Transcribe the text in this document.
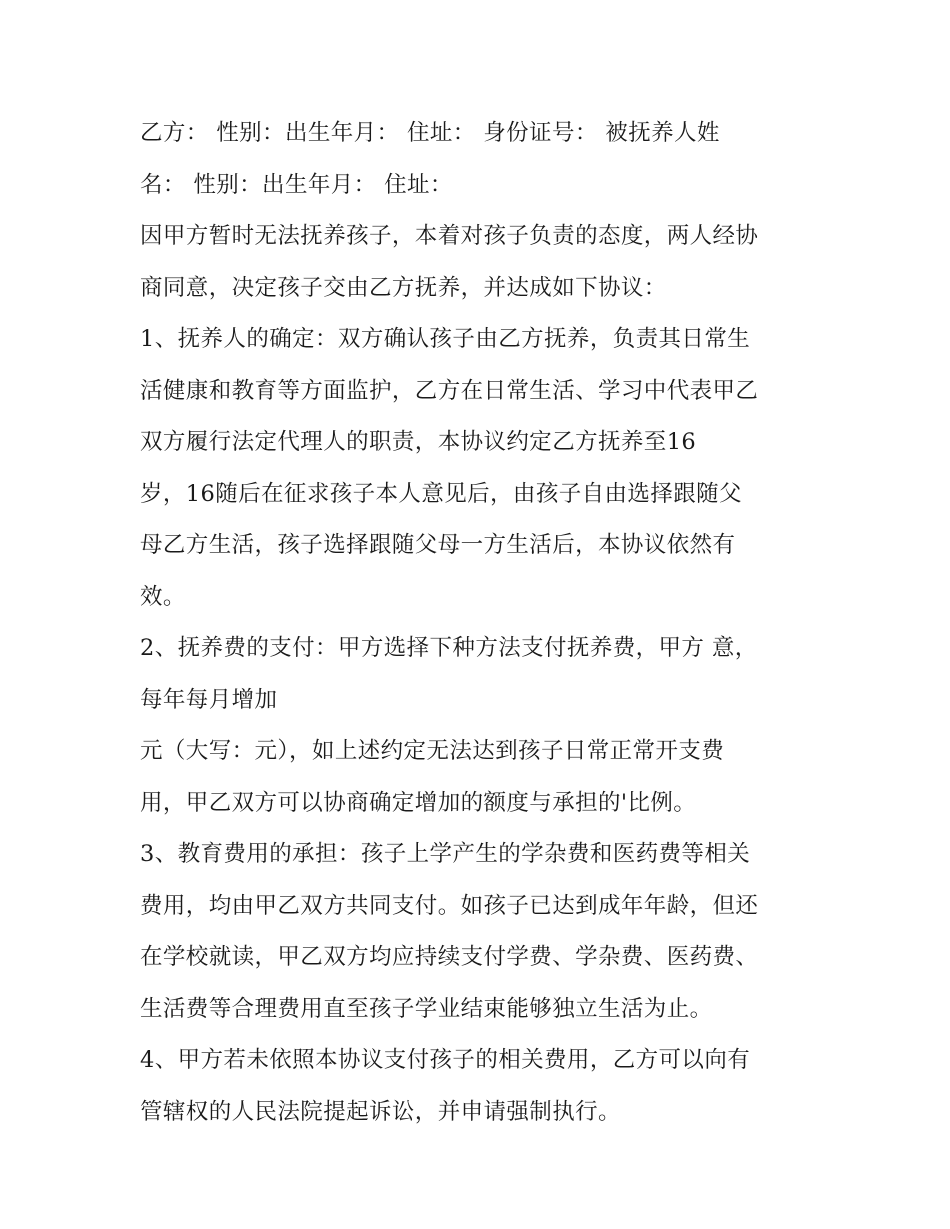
乙方： 性别：出生年月： 住址： 身份证号： 被抚养人姓
名： 性别：出生年月： 住址：
因甲方暂时无法抚养孩子，本着对孩子负责的态度，两人经协
商同意，决定孩子交由乙方抚养，并达成如下协议：
1、抚养人的确定：双方确认孩子由乙方抚养，负责其日常生
活健康和教育等方面监护，乙方在日常生活、学习中代表甲乙
双方履行法定代理人的职责，本协议约定乙方抚养至16
岁，16随后在征求孩子本人意见后，由孩子自由选择跟随父
母乙方生活，孩子选择跟随父母一方生活后，本协议依然有
效。
2、抚养费的支付：甲方选择下种方法支付抚养费，甲方 意，
每年每月增加
元（大写：元），如上述约定无法达到孩子日常正常开支费
用，甲乙双方可以协商确定增加的额度与承担的'比例。
3、教育费用的承担：孩子上学产生的学杂费和医药费等相关
费用，均由甲乙双方共同支付。如孩子已达到成年年龄，但还
在学校就读，甲乙双方均应持续支付学费、学杂费、医药费、
生活费等合理费用直至孩子学业结束能够独立生活为止。
4、甲方若未依照本协议支付孩子的相关费用，乙方可以向有
管辖权的人民法院提起诉讼，并申请强制执行。
